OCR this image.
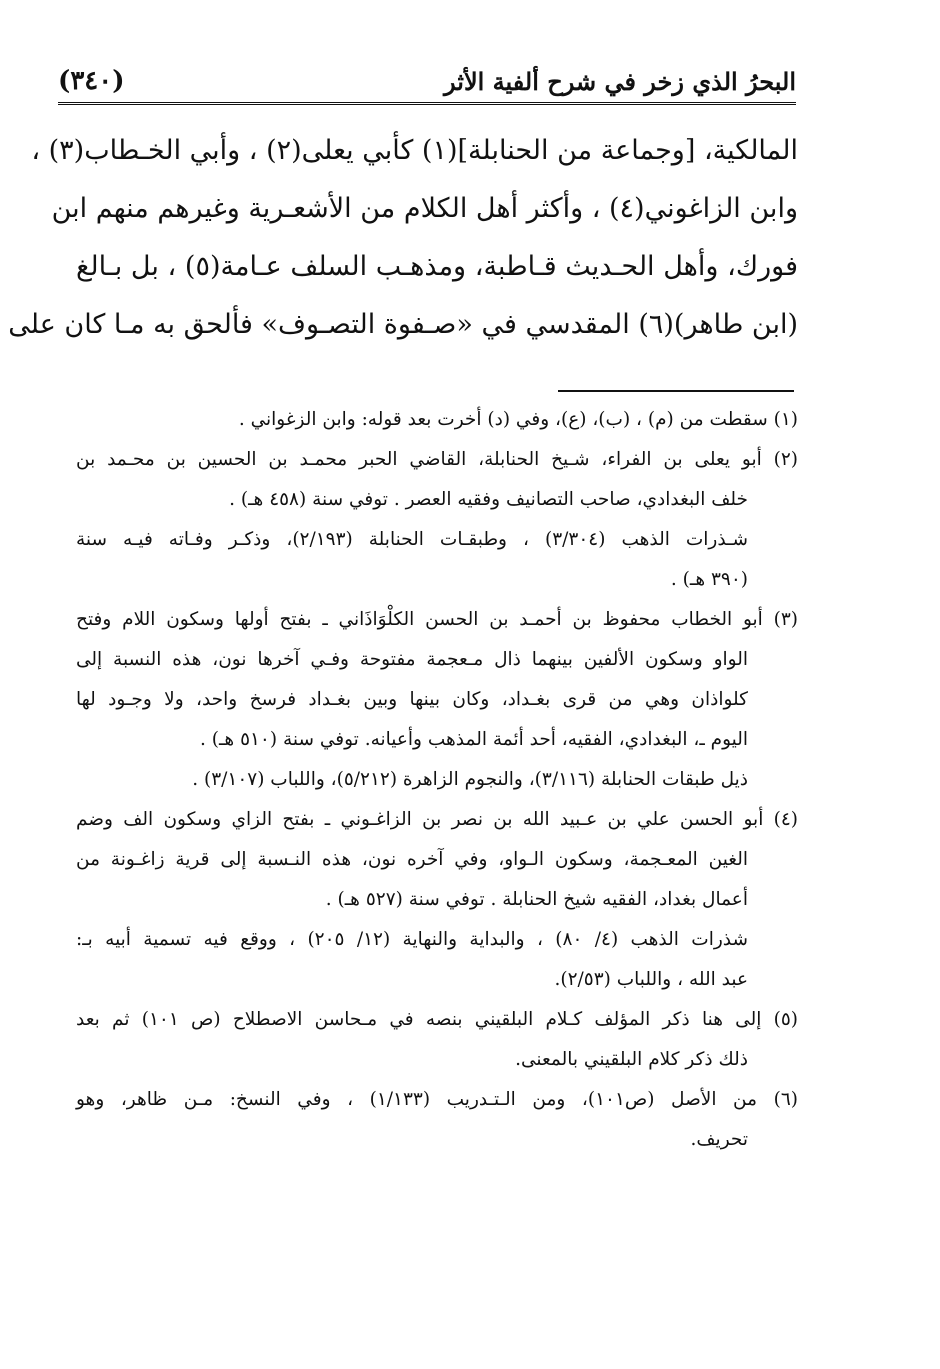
البحرُ الذي زخر في شرح ألفية الأثر
(٣٤٠)
المالكية، [وجماعة من الحنابلة](١) كأبي يعلى(٢) ، وأبي الخـطاب(٣) ،
وابن الزاغوني(٤) ، وأكثر أهل الكلام من الأشعـرية وغيرهم منهم ابن
فورك، وأهل الحـديث قـاطبة، ومذهـب السلف عـامة(٥) ، بل بـالغ
(ابن طاهر)(٦) المقدسي في «صـفوة التصـوف» فألحق به مـا كان على
(١) سقطت من (م) ، (ب)، (ع)، وفي (د) أخرت بعد قوله: وابن الزغواني .
(٢) أبو يعلى بن الفراء، شـيخ الحنابلة، القاضي الحبر محمـد بن الحسين بن محـمد بن
خلف البغدادي، صاحب التصانيف وفقيه العصر . توفي سنة (٤٥٨ هـ) .
شـذرات الذهب (٣/٣٠٤) ، وطبقـات الحنابلة (٢/١٩٣)، وذكـر وفـاته فيـه سنة
(٣٩٠ هـ) .
(٣) أبو الخطاب محفوظ بن أحمـد بن الحسن الكلْوَاذَاني ـ بفتح أولها وسكون اللام وفتح
الواو وسكون الألفين بينهما ذال مـعجمة مفتوحة وفـي آخرها نون، هذه النسبة إلى
كلواذان وهي من قرى بغـداد، وكان بينها وبين بغـداد فرسخ واحد، ولا وجـود لها
اليوم ـ، البغدادي، الفقيه، أحد أئمة المذهب وأعيانه. توفي سنة (٥١٠ هـ) .
ذيل طبقات الحنابلة (٣/١١٦)، والنجوم الزاهرة (٥/٢١٢)، واللباب (٣/١٠٧) .
(٤) أبو الحسن علي بن عـبيد الله بن نصر بن الزاغـوني ـ بفتح الزاي وسكون الف وضم
الغين المعـجمة، وسكون الـواو، وفي آخره نون، هذه النـسبة إلى قرية زاغـونة من
أعمال بغداد، الفقيه شيخ الحنابلة . توفي سنة (٥٢٧ هـ) .
شذرات الذهب (٤/ ٨٠) ، والبداية والنهاية (١٢/ ٢٠٥) ، ووقع فيه تسمية أبيه بـ:
عبد الله ، واللباب (٢/٥٣).
(٥) إلى هنا ذكر المؤلف كـلام البلقيني بنصه في مـحاسن الاصطلاح (ص ١٠١) ثم بعد
ذلك ذكر كلام البلقيني بالمعنى.
(٦) من الأصل (ص١٠١)، ومن الـتـدريب (١/١٣٣) ، وفي النسخ: مـن ظاهر، وهو
تحريف.
